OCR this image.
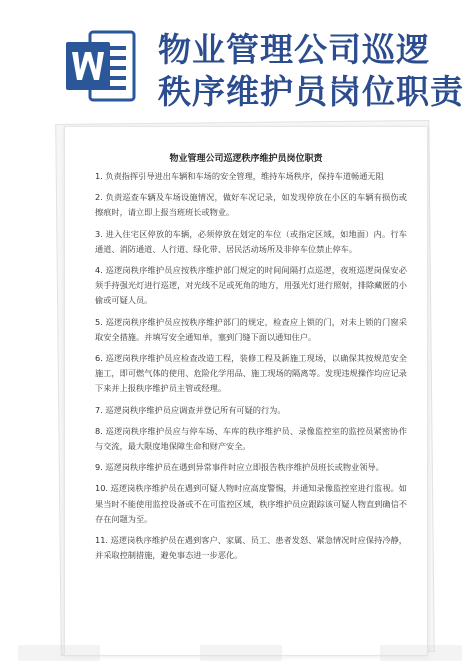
物业管理公司巡逻
秩序维护员岗位职责
物业管理公司巡逻秩序维护员岗位职责

1. 负责指挥引导进出车辆和车场的安全管理，维持车场秩序，保持车道畅通无阻

2. 负责巡查车辆及车场设施情况，做好车况记录，如发现停放在小区的车辆有损伤或擦痕时，请立即上报当班班长或物业。

3. 进入住宅区停放的车辆，必须停放在划定的车位（或指定区域，如地面）内。行车通道、消防通道、人行道、绿化带、居民活动场所及非停车位禁止停车。

4. 巡逻岗秩序维护员应按秩序维护部门规定的时间间隔打点巡逻，夜班巡逻岗保安必须手持强光灯进行巡逻，对光线不足或死角的地方，用强光灯进行照射，排除藏匿的小偷或可疑人员。

5. 巡逻岗秩序维护员应按秩序维护部门的规定，检查应上锁的门，对未上锁的门窗采取安全措施。并填写安全通知单，塞到门缝下面以通知住户。

6. 巡逻岗秩序维护员应检查改造工程，装修工程及新施工现场，以确保其按规范安全施工，即可燃气体的使用、危险化学用品、施工现场的隔离等。发现违规操作均应记录下来并上报秩序维护员主管或经理。

7. 巡逻岗秩序维护员应调查并登记所有可疑的行为。

8. 巡逻岗秩序维护员应与停车场、车库的秩序维护员、录像监控室的监控员紧密协作与交流，最大限度地保障生命和财产安全。

9. 巡逻岗秩序维护员在遇到异常事件时应立即报告秩序维护员班长或物业领导。

10. 巡逻岗秩序维护员在遇到可疑人物时应高度警惕，并通知录像监控室进行监视。如果当时不能使用监控设备或不在可监控区域，秩序维护员应跟踪该可疑人物直到确信不存在问题为至。

11. 巡逻岗秩序维护员在遇到客户、家属、员工、患者发怒、紧急情况时应保持冷静，并采取控制措施，避免事态进一步恶化。
